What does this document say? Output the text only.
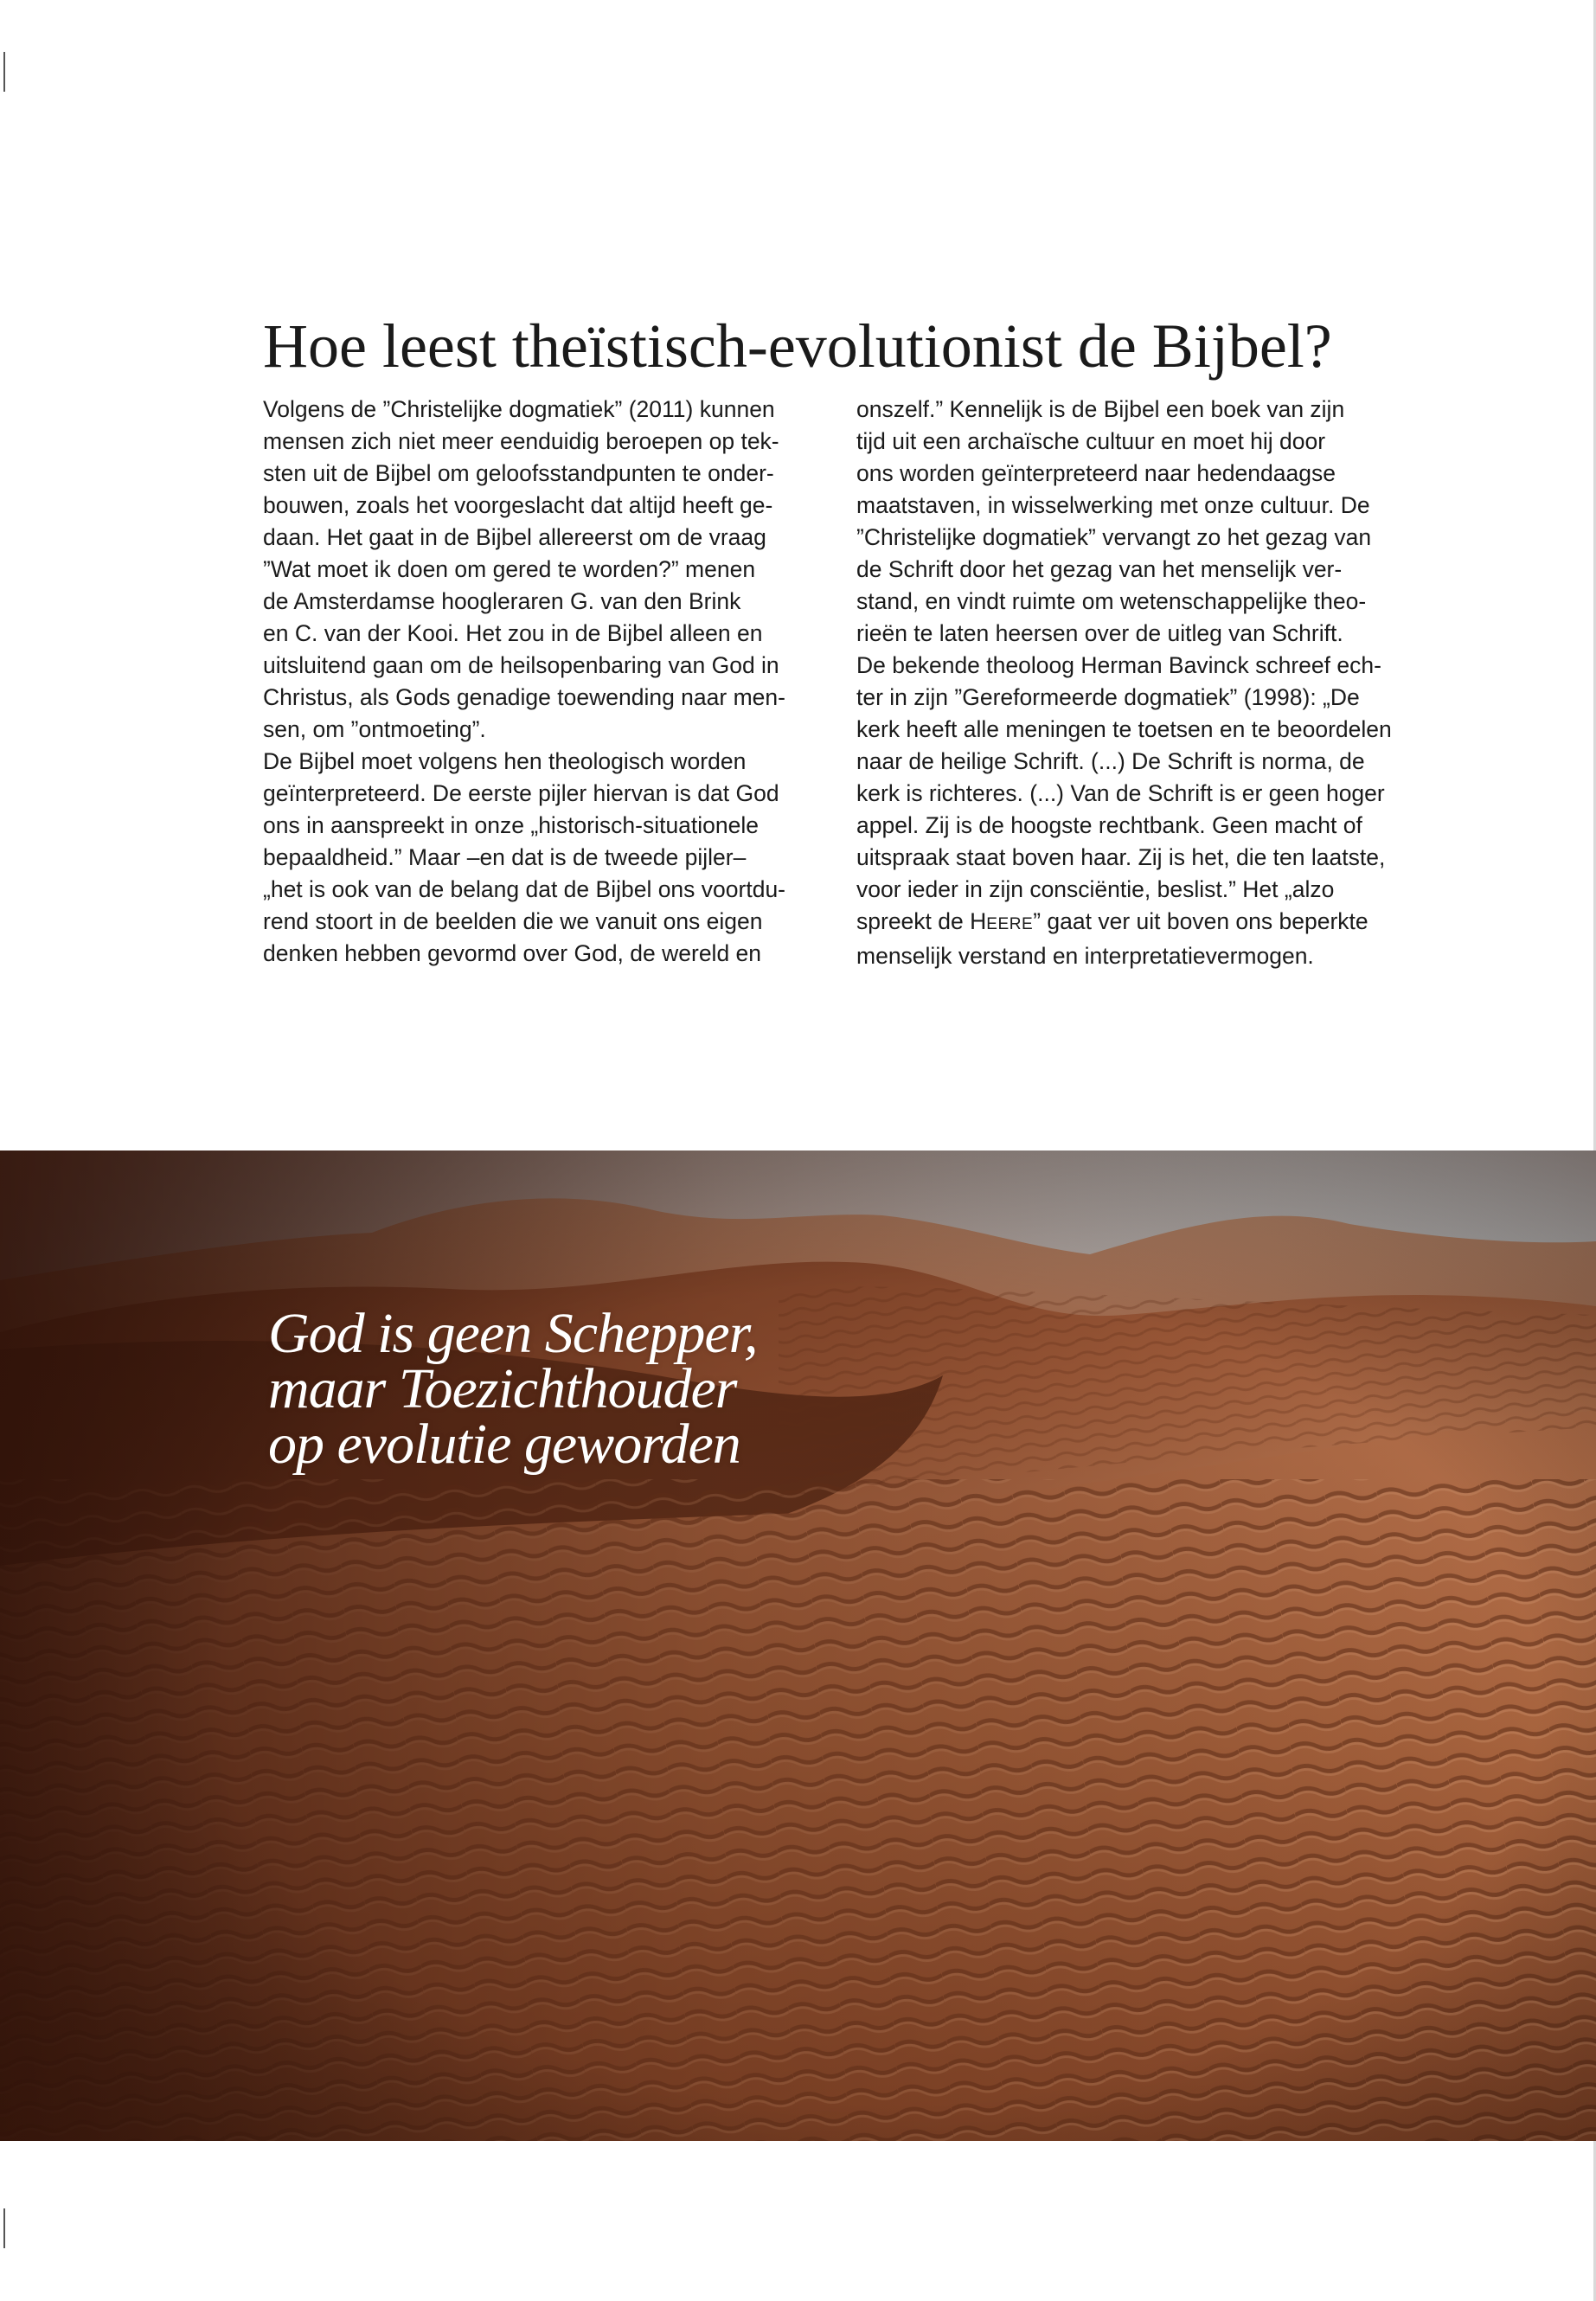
Hoe leest theïstisch-evolutionist de Bijbel?
Volgens de ”Christelijke dogmatiek” (2011) kunnen
mensen zich niet meer eenduidig beroepen op tek-
sten uit de Bijbel om geloofsstandpunten te onder-
bouwen, zoals het voorgeslacht dat altijd heeft ge-
daan. Het gaat in de Bijbel allereerst om de vraag
”Wat moet ik doen om gered te worden?” menen
de Amsterdamse hoogleraren G. van den Brink
en C. van der Kooi. Het zou in de Bijbel alleen en
uitsluitend gaan om de heilsopenbaring van God in
Christus, als Gods genadige toewending naar men-
sen, om ”ontmoeting”.
De Bijbel moet volgens hen theologisch worden
geïnterpreteerd. De eerste pijler hiervan is dat God
ons in aanspreekt in onze „historisch-situationele
bepaaldheid.” Maar –en dat is de tweede pijler–
„het is ook van de belang dat de Bijbel ons voortdu-
rend stoort in de beelden die we vanuit ons eigen
denken hebben gevormd over God, de wereld en
onszelf.” Kennelijk is de Bijbel een boek van zijn
tijd uit een archaïsche cultuur en moet hij door
ons worden geïnterpreteerd naar hedendaagse
maatstaven, in wisselwerking met onze cultuur. De
”Christelijke dogmatiek” vervangt zo het gezag van
de Schrift door het gezag van het menselijk ver-
stand, en vindt ruimte om wetenschappelijke theo-
rieën te laten heersen over de uitleg van Schrift.
De bekende theoloog Herman Bavinck schreef ech-
ter in zijn ”Gereformeerde dogmatiek” (1998): „De
kerk heeft alle meningen te toetsen en te beoordelen
naar de heilige Schrift. (...) De Schrift is norma, de
kerk is richteres. (...) Van de Schrift is er geen hoger
appel. Zij is de hoogste rechtbank. Geen macht of
uitspraak staat boven haar. Zij is het, die ten laatste,
voor ieder in zijn consciëntie, beslist.” Het „alzo
spreekt de HEERE” gaat ver uit boven ons beperkte
menselijk verstand en interpretatievermogen.
God is geen Schepper,
maar Toezichthouder
op evolutie geworden
